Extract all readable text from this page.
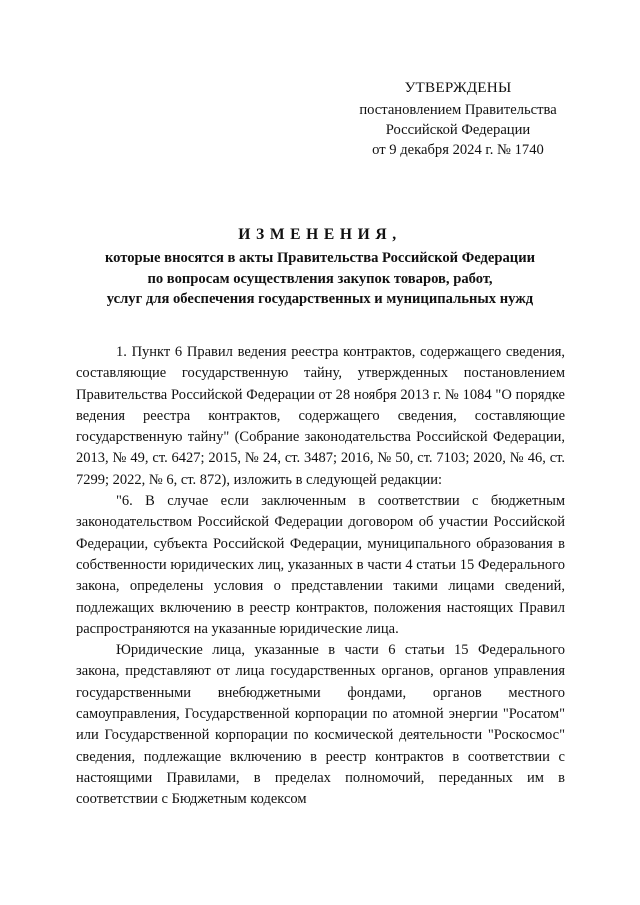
УТВЕРЖДЕНЫ
постановлением Правительства
Российской Федерации
от 9 декабря 2024 г. № 1740
ИЗМЕНЕНИЯ,
которые вносятся в акты Правительства Российской Федерации
по вопросам осуществления закупок товаров, работ,
услуг для обеспечения государственных и муниципальных нужд

1. Пункт 6 Правил ведения реестра контрактов, содержащего сведения, составляющие государственную тайну, утвержденных постановлением Правительства Российской Федерации от 28 ноября 2013 г. № 1084 "О порядке ведения реестра контрактов, содержащего сведения, составляющие государственную тайну" (Собрание законодательства Российской Федерации, 2013, № 49, ст. 6427; 2015, № 24, ст. 3487; 2016, № 50, ст. 7103; 2020, № 46, ст. 7299; 2022, № 6, ст. 872), изложить в следующей редакции:

"6. В случае если заключенным в соответствии с бюджетным законодательством Российской Федерации договором об участии Российской Федерации, субъекта Российской Федерации, муниципального образования в собственности юридических лиц, указанных в части 4 статьи 15 Федерального закона, определены условия о представлении такими лицами сведений, подлежащих включению в реестр контрактов, положения настоящих Правил распространяются на указанные юридические лица.

Юридические лица, указанные в части 6 статьи 15 Федерального закона, представляют от лица государственных органов, органов управления государственными внебюджетными фондами, органов местного самоуправления, Государственной корпорации по атомной энергии "Росатом" или Государственной корпорации по космической деятельности "Роскосмос" сведения, подлежащие включению в реестр контрактов в соответствии с настоящими Правилами, в пределах полномочий, переданных им в соответствии с Бюджетным кодексом
